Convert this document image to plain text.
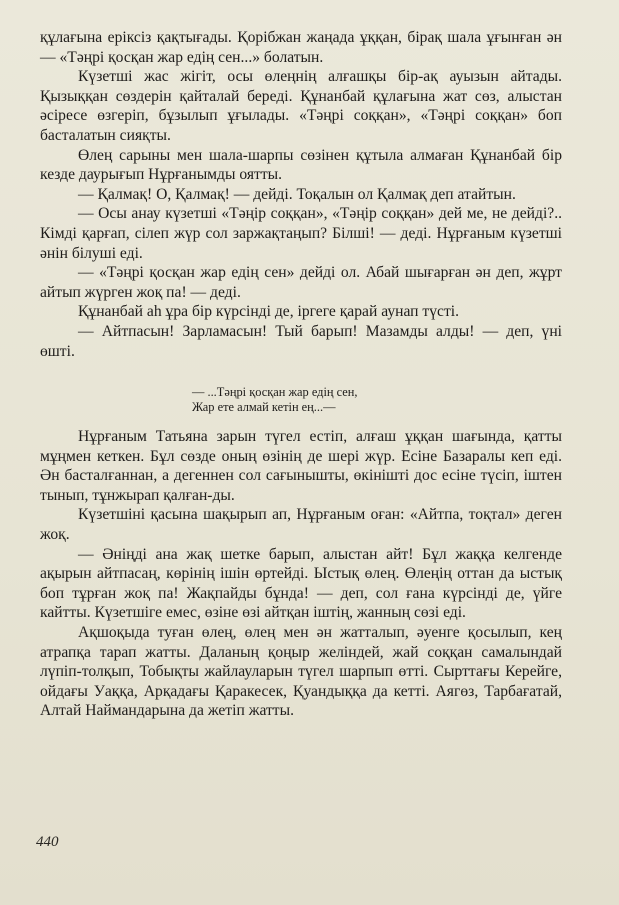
құлағына еріксіз қақтығады. Қорібжан жаңада ұққан, бірақ шала ұғынған ән — «Тәңрі қосқан жар едің сен...» болатын.

Күзетші жас жігіт, осы өлеңнің алғашқы бір-ақ ауызын айтады. Қызыққан сөздерін қайталай береді. Құнанбай құлағына жат сөз, алыстан әсіресе өзгеріп, бұзылып ұғылады. «Тәңрі соққан», «Тәңрі соққан» боп басталатын сияқты.

Өлең сарыны мен шала-шарпы сөзінен құтыла алмаған Құнанбай бір кезде даурығып Нұрғанымды оятты.

— Қалмақ! О, Қалмақ! — дейді. Тоқалын ол Қалмақ деп атайтын.

— Осы анау күзетші «Тәңір соққан», «Тәңір соққан» дей ме, не дейді?.. Кімді қарғап, сілеп жүр сол заржақтаңып? Білші! — деді. Нұрғаным күзетші әнін білуші еді.

— «Тәңрі қосқан жар едің сен» дейді ол. Абай шығарған ән деп, жұрт айтып жүрген жоқ па! — деді.

Құнанбай аһ ұра бір күрсінді де, іргеге қарай аунап түсті.

— Айтпасын! Зарламасын! Тый барып! Мазамды алды! — деп, үні өшті.

— ...Тәңрі қосқан жар едің сен,
Жар ете алмай кетін ең...—

Нұрғаным Татьяна зарын түгел естіп, алғаш ұққан шағында, қатты мұңмен кеткен. Бұл сөзде оның өзінің де шері жүр. Есіне Базаралы кеп еді. Ән басталғаннан, а дегеннен сол сағынышты, өкінішті дос есіне түсіп, іштен тынып, тұнжырап қалған-ды.

Күзетшіні қасына шақырып ап, Нұрғаным оған: «Айтпа, тоқтал» деген жоқ.

— Әніңді ана жақ шетке барып, алыстан айт! Бұл жаққа келгенде ақырын айтпасаң, көрінің ішін өртейді. Ыстық өлең. Өлеңің оттан да ыстық боп тұрған жоқ па! Жақпайды бұнда! — деп, сол ғана күрсінді де, үйге кайтты. Күзетшіге емес, өзіне өзі айтқан іштің, жанның сөзі еді.

Ақшоқыда туған өлең, өлең мен ән жатталып, әуенге қосылып, кең атрапқа тарап жатты. Даланың қоңыр желіндей, жай соққан самалындай лүпіп-толқып, Тобықты жайлауларын түгел шарпып өтті. Сырттағы Керейге, ойдағы Уаққа, Арқадағы Қаракесек, Қуандыққа да кетті. Аягөз, Тарбағатай, Алтай Наймандарына да жетіп жатты.

440
